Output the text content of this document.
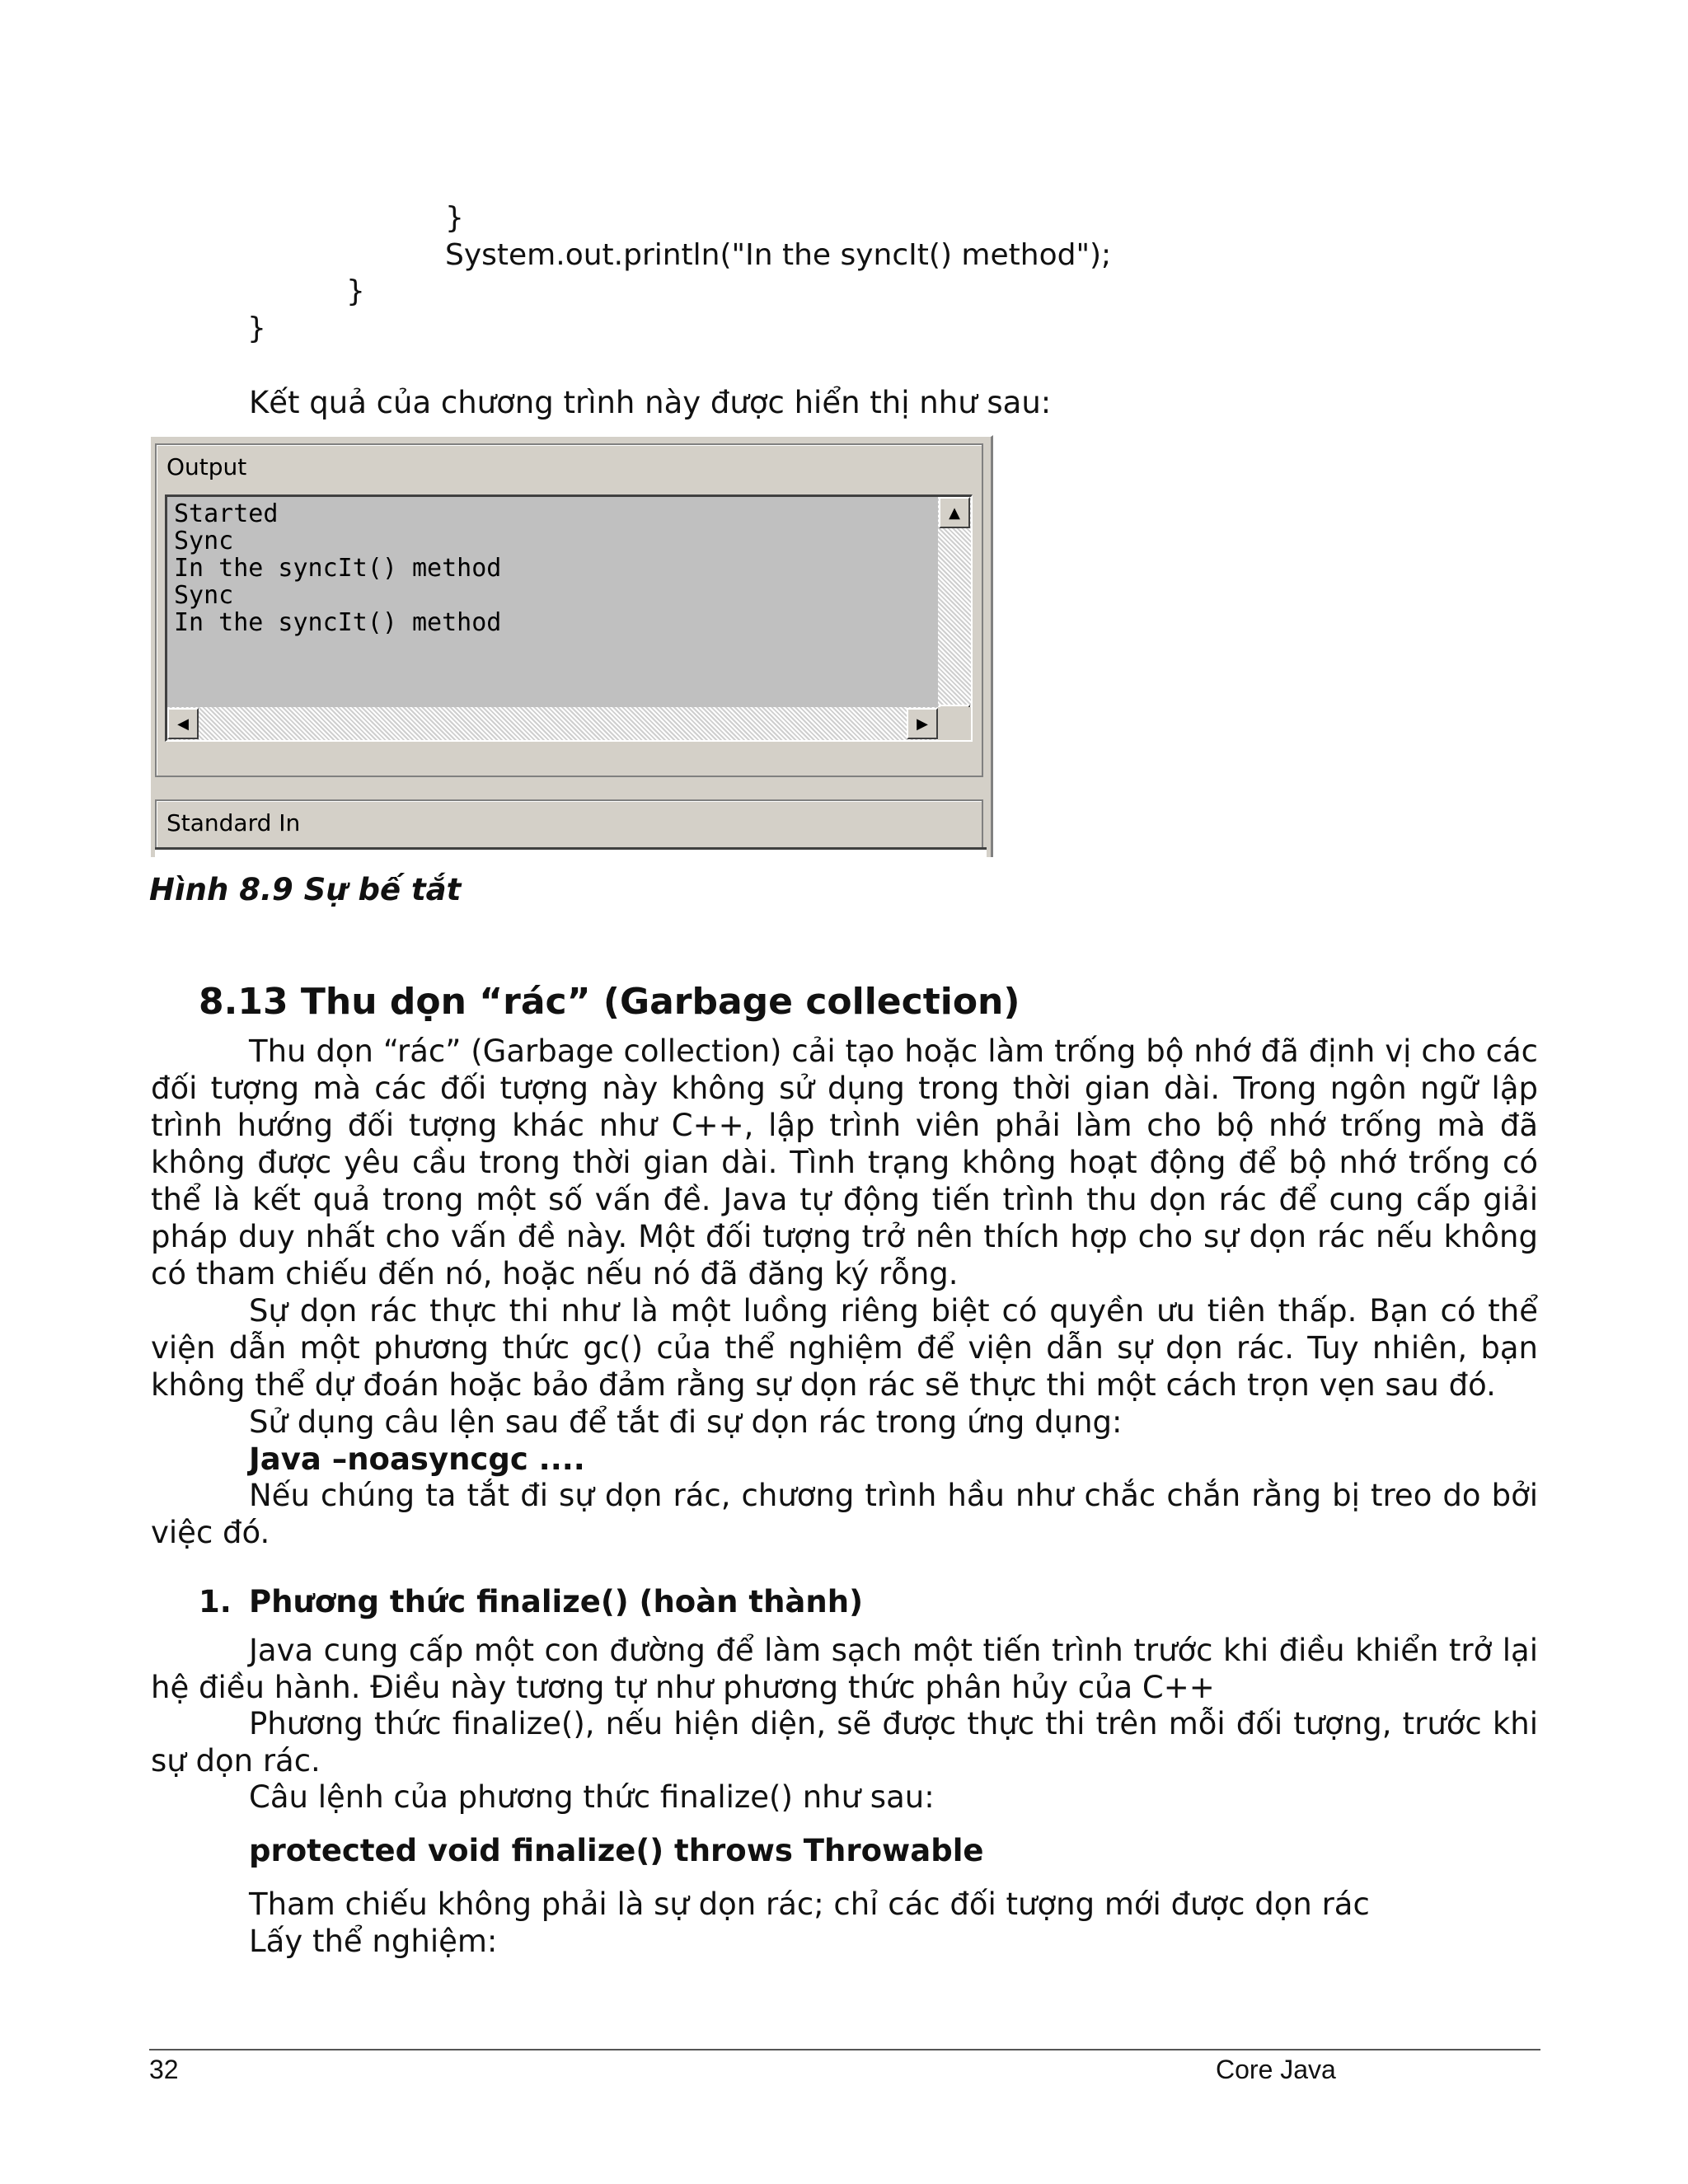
}
System.out.println("In the syncIt() method");
}
}
Kết quả của chương trình này được hiển thị như sau:
Output
Started
Sync
In the syncIt() method
Sync
In the syncIt() method
▲
◀	▶
Standard In
Hình 8.9 Sự bế tắt
8.13 Thu dọn “rác” (Garbage collection)
Thu dọn “rác” (Garbage collection) cải tạo hoặc làm trống bộ nhớ đã định vị cho các
đối tượng mà các đối tượng này không sử dụng trong thời gian dài. Trong ngôn ngữ lập
trình hướng đối tượng khác như C++, lập trình viên phải làm cho bộ nhớ trống mà đã
không được yêu cầu trong thời gian dài. Tình trạng không hoạt động để bộ nhớ trống có
thể là kết quả trong một số vấn đề. Java tự động tiến trình thu dọn rác để cung cấp giải
pháp duy nhất cho vấn đề này. Một đối tượng trở nên thích hợp cho sự dọn rác nếu không
có tham chiếu đến nó, hoặc nếu nó đã đăng ký rỗng.
Sự dọn rác thực thi như là một luồng riêng biệt có quyền ưu tiên thấp. Bạn có thể
viện dẫn một phương thức gc() của thể nghiệm để viện dẫn sự dọn rác. Tuy nhiên, bạn
không thể dự đoán hoặc bảo đảm rằng sự dọn rác sẽ thực thi một cách trọn vẹn sau đó.
Sử dụng câu lện sau để tắt đi sự dọn rác trong ứng dụng:
Java –noasyncgc ....
Nếu chúng ta tắt đi sự dọn rác, chương trình hầu như chắc chắn rằng bị treo do bởi
việc đó.
1. Phương thức finalize() (hoàn thành)
Java cung cấp một con đường để làm sạch một tiến trình trước khi điều khiển trở lại
hệ điều hành. Điều này tương tự như phương thức phân hủy của C++
Phương thức finalize(), nếu hiện diện, sẽ được thực thi trên mỗi đối tượng, trước khi
sự dọn rác.
Câu lệnh của phương thức finalize() như sau:
protected void finalize() throws Throwable
Tham chiếu không phải là sự dọn rác; chỉ các đối tượng mới được dọn rác
Lấy thể nghiệm:
32	Core Java
